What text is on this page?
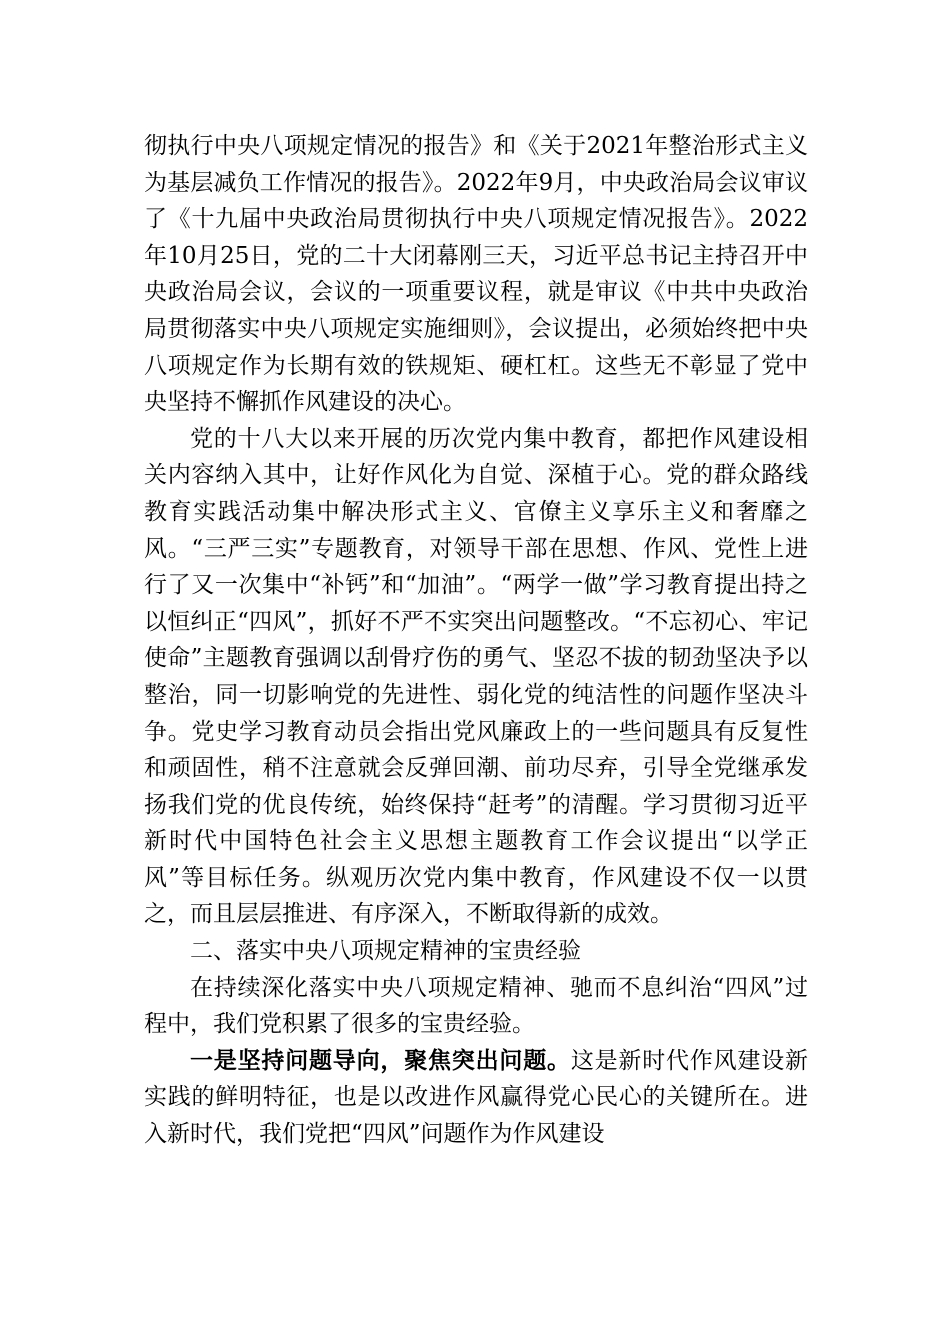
彻执行中央八项规定情况的报告》和《关于2021年整治形式主义为基层减负工作情况的报告》。2022年9月，中央政治局会议审议了《十九届中央政治局贯彻执行中央八项规定情况报告》。2022年10月25日，党的二十大闭幕刚三天，习近平总书记主持召开中央政治局会议，会议的一项重要议程，就是审议《中共中央政治局贯彻落实中央八项规定实施细则》，会议提出，必须始终把中央八项规定作为长期有效的铁规矩、硬杠杠。这些无不彰显了党中央坚持不懈抓作风建设的决心。

党的十八大以来开展的历次党内集中教育，都把作风建设相关内容纳入其中，让好作风化为自觉、深植于心。党的群众路线教育实践活动集中解决形式主义、官僚主义享乐主义和奢靡之风。“三严三实”专题教育，对领导干部在思想、作风、党性上进行了又一次集中“补钙”和“加油”。“两学一做”学习教育提出持之以恒纠正“四风”，抓好不严不实突出问题整改。“不忘初心、牢记使命”主题教育强调以刮骨疗伤的勇气、坚忍不拔的韧劲坚决予以整治，同一切影响党的先进性、弱化党的纯洁性的问题作坚决斗争。党史学习教育动员会指出党风廉政上的一些问题具有反复性和顽固性，稍不注意就会反弹回潮、前功尽弃，引导全党继承发扬我们党的优良传统，始终保持“赶考”的清醒。学习贯彻习近平新时代中国特色社会主义思想主题教育工作会议提出“以学正风”等目标任务。纵观历次党内集中教育，作风建设不仅一以贯之，而且层层推进、有序深入，不断取得新的成效。

二、落实中央八项规定精神的宝贵经验

在持续深化落实中央八项规定精神、驰而不息纠治“四风”过程中，我们党积累了很多的宝贵经验。

一是坚持问题导向，聚焦突出问题。这是新时代作风建设新实践的鲜明特征，也是以改进作风赢得党心民心的关键所在。进入新时代，我们党把“四风”问题作为作风建设
